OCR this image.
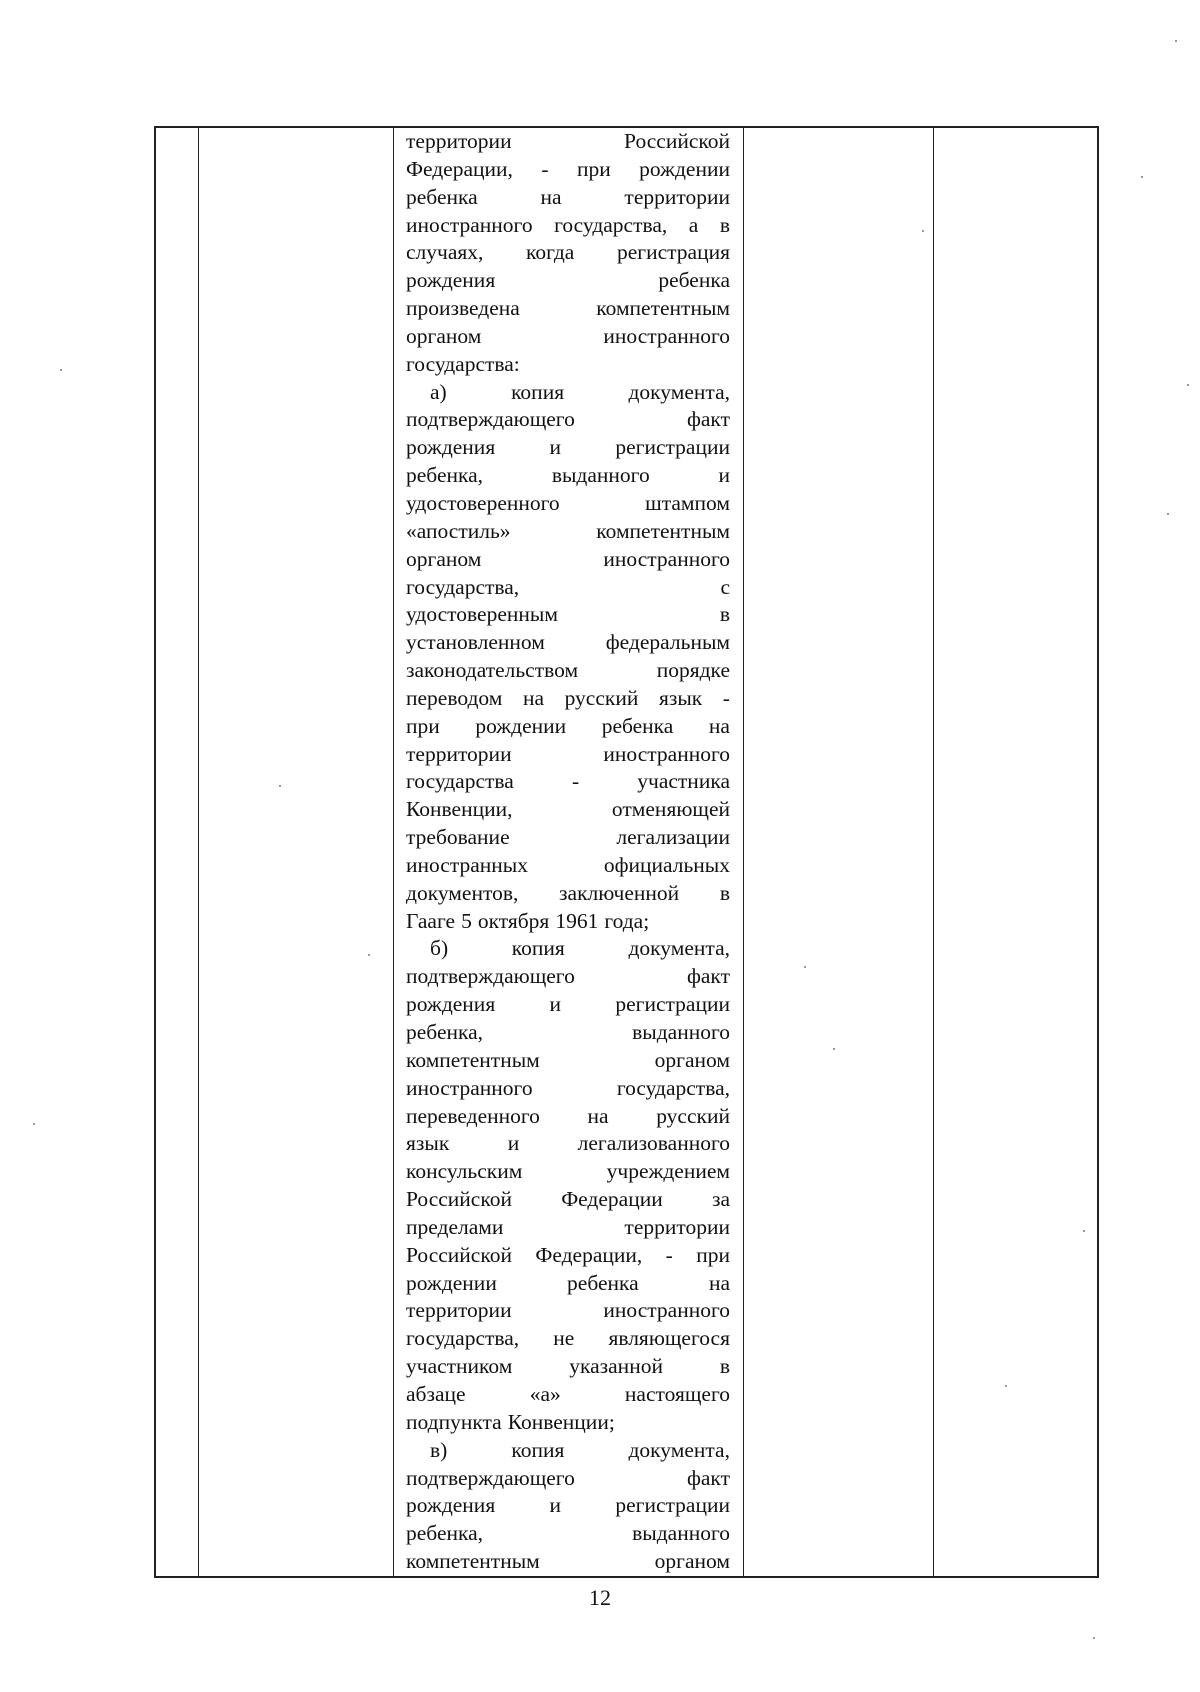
территории	Российской
Федерации, - при рождении
ребенка	на	территории
иностранного государства, а в
случаях, когда регистрация
рождения	ребенка
произведена	компетентным
органом	иностранного
государства:
а)	копия	документа,
подтверждающего	факт
рождения	и	регистрации
ребенка,	выданного	и
удостоверенного	штампом
«апостиль»	компетентным
органом	иностранного
государства,	с
удостоверенным	в
установленном	федеральным
законодательством	порядке
переводом на русский язык -
при рождении ребенка на
территории	иностранного
государства	-	участника
Конвенции,	отменяющей
требование	легализации
иностранных	официальных
документов, заключенной в
Гааге 5 октября 1961 года;
б)	копия	документа,
подтверждающего	факт
рождения	и	регистрации
ребенка,	выданного
компетентным	органом
иностранного	государства,
переведенного на русский
язык	и	легализованного
консульским	учреждением
Российской Федерации за
пределами	территории
Российской Федерации, - при
рождении	ребенка	на
территории	иностранного
государства, не являющегося
участником	указанной	в
абзаце	«а»	настоящего
подпункта Конвенции;
в)	копия	документа,
подтверждающего	факт
рождения	и	регистрации
ребенка,	выданного
компетентным	органом
12
